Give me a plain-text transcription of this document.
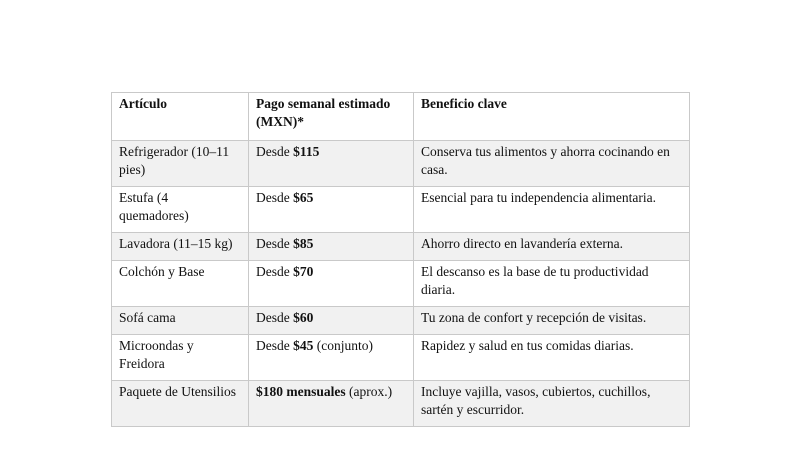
Artículo	Pago semanal estimado (MXN)*	Beneficio clave
Refrigerador (10–11 pies)	Desde $115	Conserva tus alimentos y ahorra cocinando en casa.
Estufa (4 quemadores)	Desde $65	Esencial para tu independencia alimentaria.
Lavadora (11–15 kg)	Desde $85	Ahorro directo en lavandería externa.
Colchón y Base	Desde $70	El descanso es la base de tu productividad diaria.
Sofá cama	Desde $60	Tu zona de confort y recepción de visitas.
Microondas y Freidora	Desde $45 (conjunto)	Rapidez y salud en tus comidas diarias.
Paquete de Utensilios	$180 mensuales (aprox.)	Incluye vajilla, vasos, cubiertos, cuchillos, sartén y escurridor.
